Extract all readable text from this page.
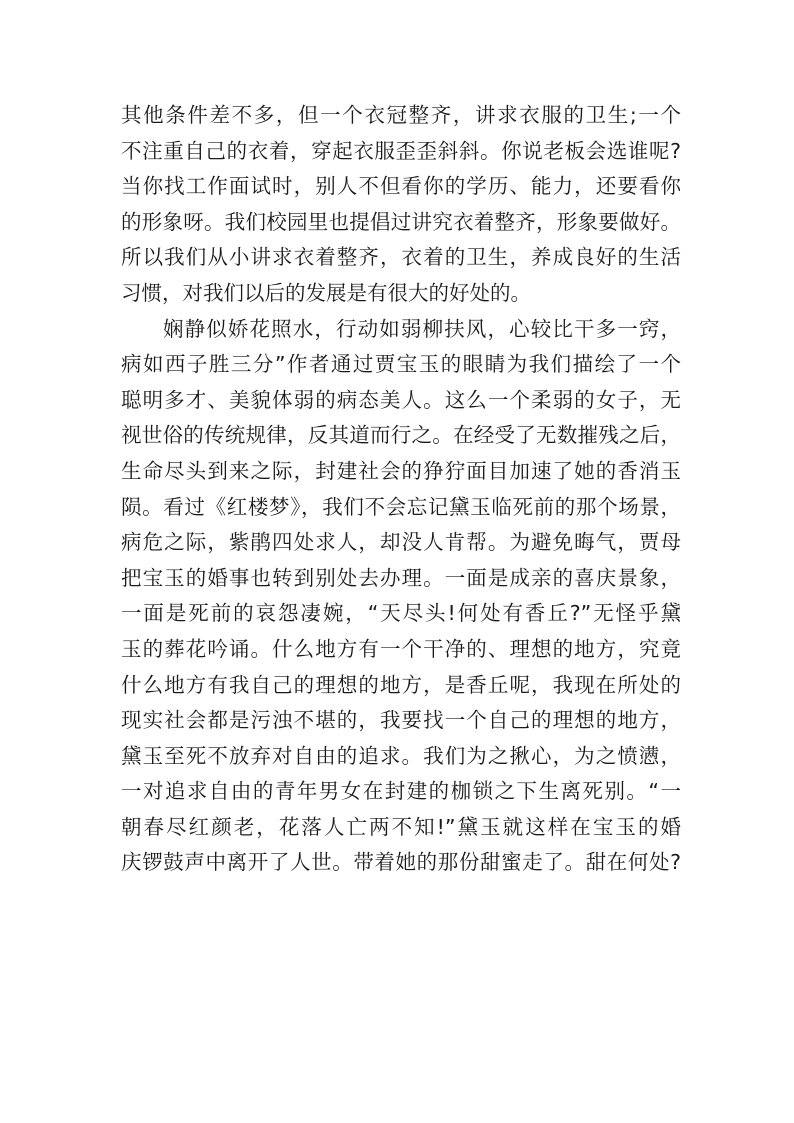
其他条件差不多，但一个衣冠整齐，讲求衣服的卫生;一个
不注重自己的衣着，穿起衣服歪歪斜斜。你说老板会选谁呢?
当你找工作面试时，别人不但看你的学历、能力，还要看你
的形象呀。我们校园里也提倡过讲究衣着整齐，形象要做好。
所以我们从小讲求衣着整齐，衣着的卫生，养成良好的生活
习惯，对我们以后的发展是有很大的好处的。
娴静似娇花照水，行动如弱柳扶风，心较比干多一窍，
病如西子胜三分”作者通过贾宝玉的眼睛为我们描绘了一个
聪明多才、美貌体弱的病态美人。这么一个柔弱的女子，无
视世俗的传统规律，反其道而行之。在经受了无数摧残之后，
生命尽头到来之际，封建社会的狰狞面目加速了她的香消玉
陨。看过《红楼梦》，我们不会忘记黛玉临死前的那个场景，
病危之际，紫鹃四处求人，却没人肯帮。为避免晦气，贾母
把宝玉的婚事也转到别处去办理。一面是成亲的喜庆景象，
一面是死前的哀怨凄婉，“天尽头!何处有香丘?”无怪乎黛
玉的葬花吟诵。什么地方有一个干净的、理想的地方，究竟
什么地方有我自己的理想的地方，是香丘呢，我现在所处的
现实社会都是污浊不堪的，我要找一个自己的理想的地方，
黛玉至死不放弃对自由的追求。我们为之揪心，为之愤懑，
一对追求自由的青年男女在封建的枷锁之下生离死别。“一
朝春尽红颜老，花落人亡两不知!”黛玉就这样在宝玉的婚
庆锣鼓声中离开了人世。带着她的那份甜蜜走了。甜在何处?
